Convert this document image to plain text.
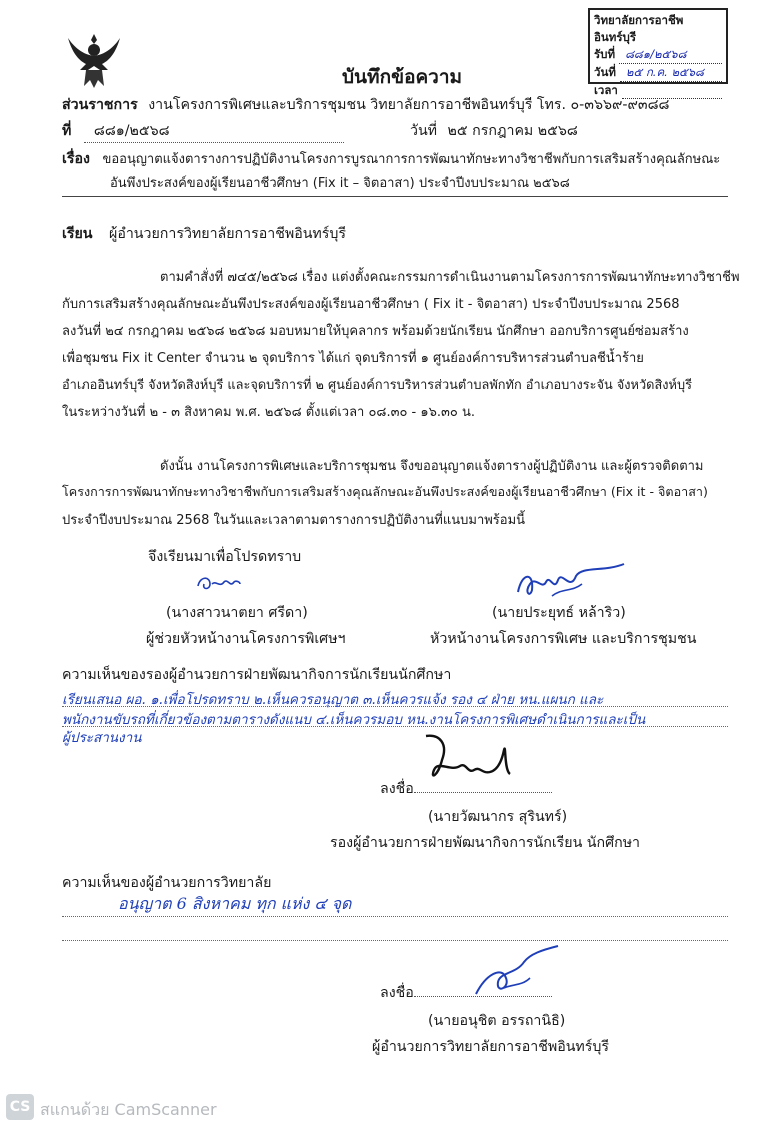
วิทยาลัยการอาชีพอินทร์บุรี
รับที่ ๘๘๑/๒๕๖๘
วันที่ ๒๕ ก.ค. ๒๕๖๘
เวลา
บันทึกข้อความ
ส่วนราชการ งานโครงการพิเศษและบริการชุมชน วิทยาลัยการอาชีพอินทร์บุรี โทร. ๐-๓๖๖๙-๙๓๘๘
ที่ ๘๘๑/๒๕๖๘	วันที่ ๒๕ กรกฎาคม ๒๕๖๘
เรื่อง ขออนุญาตแจ้งตารางการปฏิบัติงานโครงการบูรณาการการพัฒนาทักษะทางวิชาชีพกับการเสริมสร้างคุณลักษณะ
อันพึงประสงค์ของผู้เรียนอาชีวศึกษา (Fix it – จิตอาสา) ประจำปีงบประมาณ ๒๕๖๘
เรียน ผู้อำนวยการวิทยาลัยการอาชีพอินทร์บุรี
ตามคำสั่งที่ ๗๔๕/๒๕๖๘ เรื่อง แต่งตั้งคณะกรรมการดำเนินงานตามโครงการการพัฒนาทักษะทางวิชาชีพ
กับการเสริมสร้างคุณลักษณะอันพึงประสงค์ของผู้เรียนอาชีวศึกษา ( Fix it - จิตอาสา) ประจำปีงบประมาณ 2568
ลงวันที่ ๒๔ กรกฎาคม ๒๕๖๘ ๒๕๖๘ มอบหมายให้บุคลากร พร้อมด้วยนักเรียน นักศึกษา ออกบริการศูนย์ซ่อมสร้าง
เพื่อชุมชน Fix it Center จำนวน ๒ จุดบริการ ได้แก่ จุดบริการที่ ๑ ศูนย์องค์การบริหารส่วนตำบลชีน้ำร้าย
อำเภออินทร์บุรี จังหวัดสิงห์บุรี และจุดบริการที่ ๒ ศูนย์องค์การบริหารส่วนตำบลพักทัก อำเภอบางระจัน จังหวัดสิงห์บุรี
ในระหว่างวันที่ ๒ - ๓ สิงหาคม พ.ศ. ๒๕๖๘ ตั้งแต่เวลา ๐๘.๓๐ - ๑๖.๓๐ น.
ดังนั้น งานโครงการพิเศษและบริการชุมชน จึงขออนุญาตแจ้งตารางผู้ปฏิบัติงาน และผู้ตรวจติดตาม
โครงการการพัฒนาทักษะทางวิชาชีพกับการเสริมสร้างคุณลักษณะอันพึงประสงค์ของผู้เรียนอาชีวศึกษา (Fix it - จิตอาสา)
ประจำปีงบประมาณ 2568 ในวันและเวลาตามตารางการปฏิบัติงานที่แนบมาพร้อมนี้
จึงเรียนมาเพื่อโปรดทราบ
(นางสาวนาตยา ศรีดา)
ผู้ช่วยหัวหน้างานโครงการพิเศษฯ
(นายประยุทธ์ หล้าริว)
หัวหน้างานโครงการพิเศษ และบริการชุมชน
ความเห็นของรองผู้อำนวยการฝ่ายพัฒนากิจการนักเรียนนักศึกษา
เรียนเสนอ ผอ. ๑.เพื่อโปรดทราบ ๒.เห็นควรอนุญาต ๓.เห็นควรแจ้ง รอง ๔ ฝ่าย หน.แผนก และ
พนักงานขับรถที่เกี่ยวข้องตามตารางดังแนบ ๔.เห็นควรมอบ หน.งานโครงการพิเศษดำเนินการและเป็น
ผู้ประสานงาน
ลงชื่อ
(นายวัฒนากร สุรินทร์)
รองผู้อำนวยการฝ่ายพัฒนากิจการนักเรียน นักศึกษา
ความเห็นของผู้อำนวยการวิทยาลัย
อนุญาต 6 สิงหาคม ทุก แห่ง ๔ จุด
ลงชื่อ
(นายอนุชิต อรรถานิธิ)
ผู้อำนวยการวิทยาลัยการอาชีพอินทร์บุรี
CS สแกนด้วย CamScanner
